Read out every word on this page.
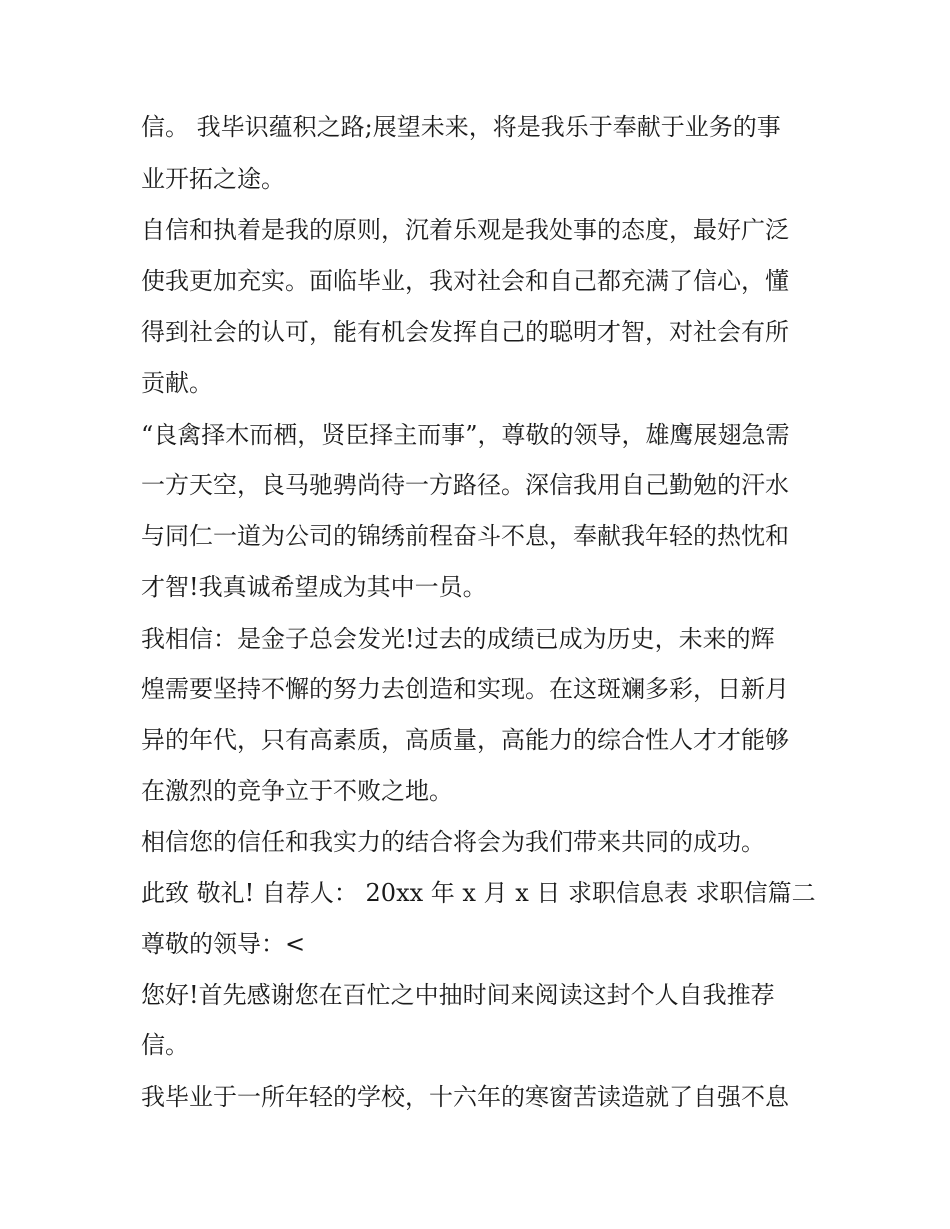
信。 我毕识蕴积之路;展望未来，将是我乐于奉献于业务的事
业开拓之途。
自信和执着是我的原则，沉着乐观是我处事的态度，最好广泛
使我更加充实。面临毕业，我对社会和自己都充满了信心，懂
得到社会的认可，能有机会发挥自己的聪明才智，对社会有所
贡献。
“良禽择木而栖，贤臣择主而事”，尊敬的领导，雄鹰展翅急需
一方天空，良马驰骋尚待一方路径。深信我用自己勤勉的汗水
与同仁一道为公司的锦绣前程奋斗不息，奉献我年轻的热忱和
才智!我真诚希望成为其中一员。
我相信：是金子总会发光!过去的成绩已成为历史，未来的辉
煌需要坚持不懈的努力去创造和实现。在这斑斓多彩，日新月
异的年代，只有高素质，高质量，高能力的综合性人才才能够
在激烈的竞争立于不败之地。
相信您的信任和我实力的结合将会为我们带来共同的成功。
此致 敬礼! 自荐人： 20xx 年 x 月 x 日 求职信息表 求职信篇二
尊敬的领导：<
您好!首先感谢您在百忙之中抽时间来阅读这封个人自我推荐
信。
我毕业于一所年轻的学校，十六年的寒窗苦读造就了自强不息
